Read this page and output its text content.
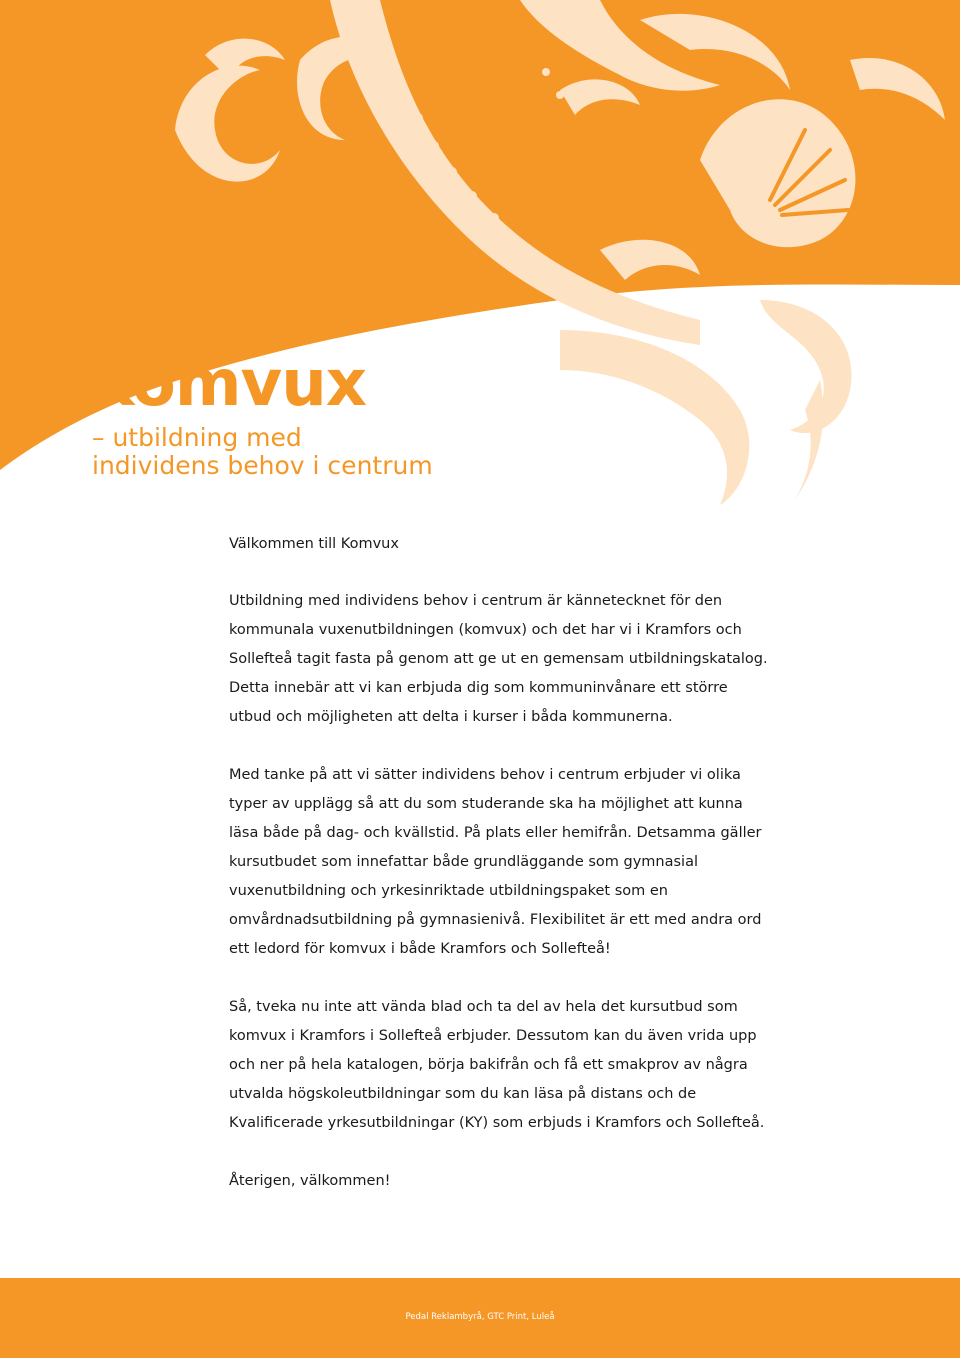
komvux
– utbildning med
individens behov i centrum

Välkommen till Komvux

Utbildning med individens behov i centrum är kännetecknet för den kommunala vuxenutbildningen (komvux) och det har vi i Kramfors och Sollefteå tagit fasta på genom att ge ut en gemensam utbildningskatalog. Detta innebär att vi kan erbjuda dig som kommuninvånare ett större utbud och möjligheten att delta i kurser i båda kommunerna.

Med tanke på att vi sätter individens behov i centrum erbjuder vi olika typer av upplägg så att du som studerande ska ha möjlighet att kunna läsa både på dag- och kvällstid. På plats eller hemifrån. Detsamma gäller kursutbudet som innefattar både grundläggande som gymnasial vuxenutbildning och yrkesinriktade utbildningspaket som en omvårdnadsutbildning på gymnasienivå. Flexibilitet är ett med andra ord ett ledord för komvux i både Kramfors och Sollefteå!

Så, tveka nu inte att vända blad och ta del av hela det kursutbud som komvux i Kramfors i Sollefteå erbjuder. Dessutom kan du även vrida upp och ner på hela katalogen, börja bakifrån och få ett smakprov av några utvalda högskoleutbildningar som du kan läsa på distans och de Kvalificerade yrkesutbildningar (KY) som erbjuds i Kramfors och Sollefteå.

Återigen, välkommen!

Pedal Reklambyrå, GTC Print, Luleå
